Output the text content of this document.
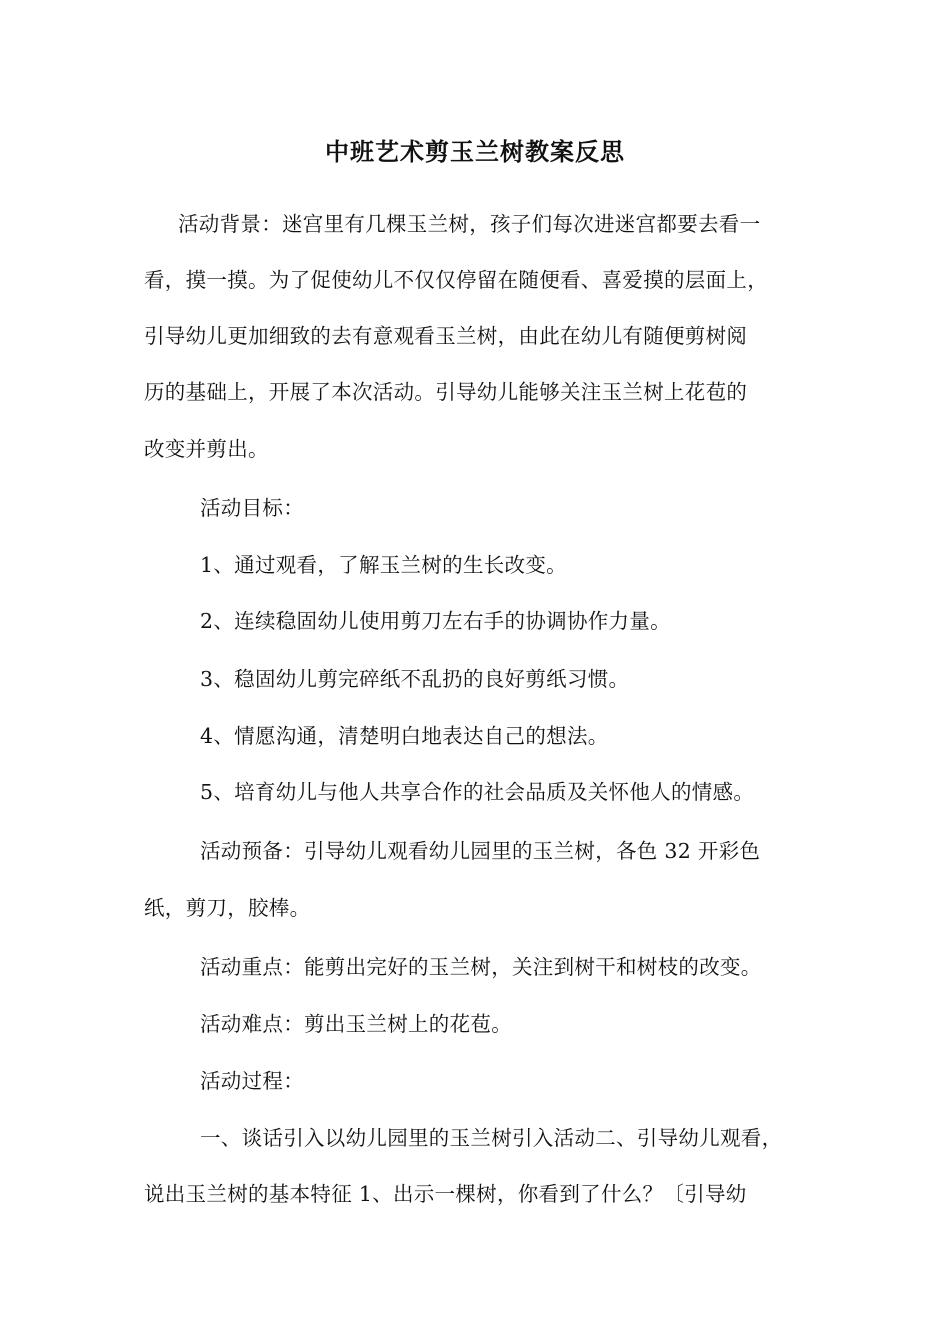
中班艺术剪玉兰树教案反思
活动背景：迷宫里有几棵玉兰树，孩子们每次进迷宫都要去看一
看，摸一摸。为了促使幼儿不仅仅停留在随便看、喜爱摸的层面上，
引导幼儿更加细致的去有意观看玉兰树，由此在幼儿有随便剪树阅
历的基础上，开展了本次活动。引导幼儿能够关注玉兰树上花苞的
改变并剪出。
活动目标：
1、通过观看，了解玉兰树的生长改变。
2、连续稳固幼儿使用剪刀左右手的协调协作力量。
3、稳固幼儿剪完碎纸不乱扔的良好剪纸习惯。
4、情愿沟通，清楚明白地表达自己的想法。
5、培育幼儿与他人共享合作的社会品质及关怀他人的情感。
活动预备：引导幼儿观看幼儿园里的玉兰树，各色 32 开彩色
纸，剪刀，胶棒。
活动重点：能剪出完好的玉兰树，关注到树干和树枝的改变。
活动难点：剪出玉兰树上的花苞。
活动过程：
一、谈话引入以幼儿园里的玉兰树引入活动二、引导幼儿观看，
说出玉兰树的基本特征 1、出示一棵树，你看到了什么？〔引导幼
